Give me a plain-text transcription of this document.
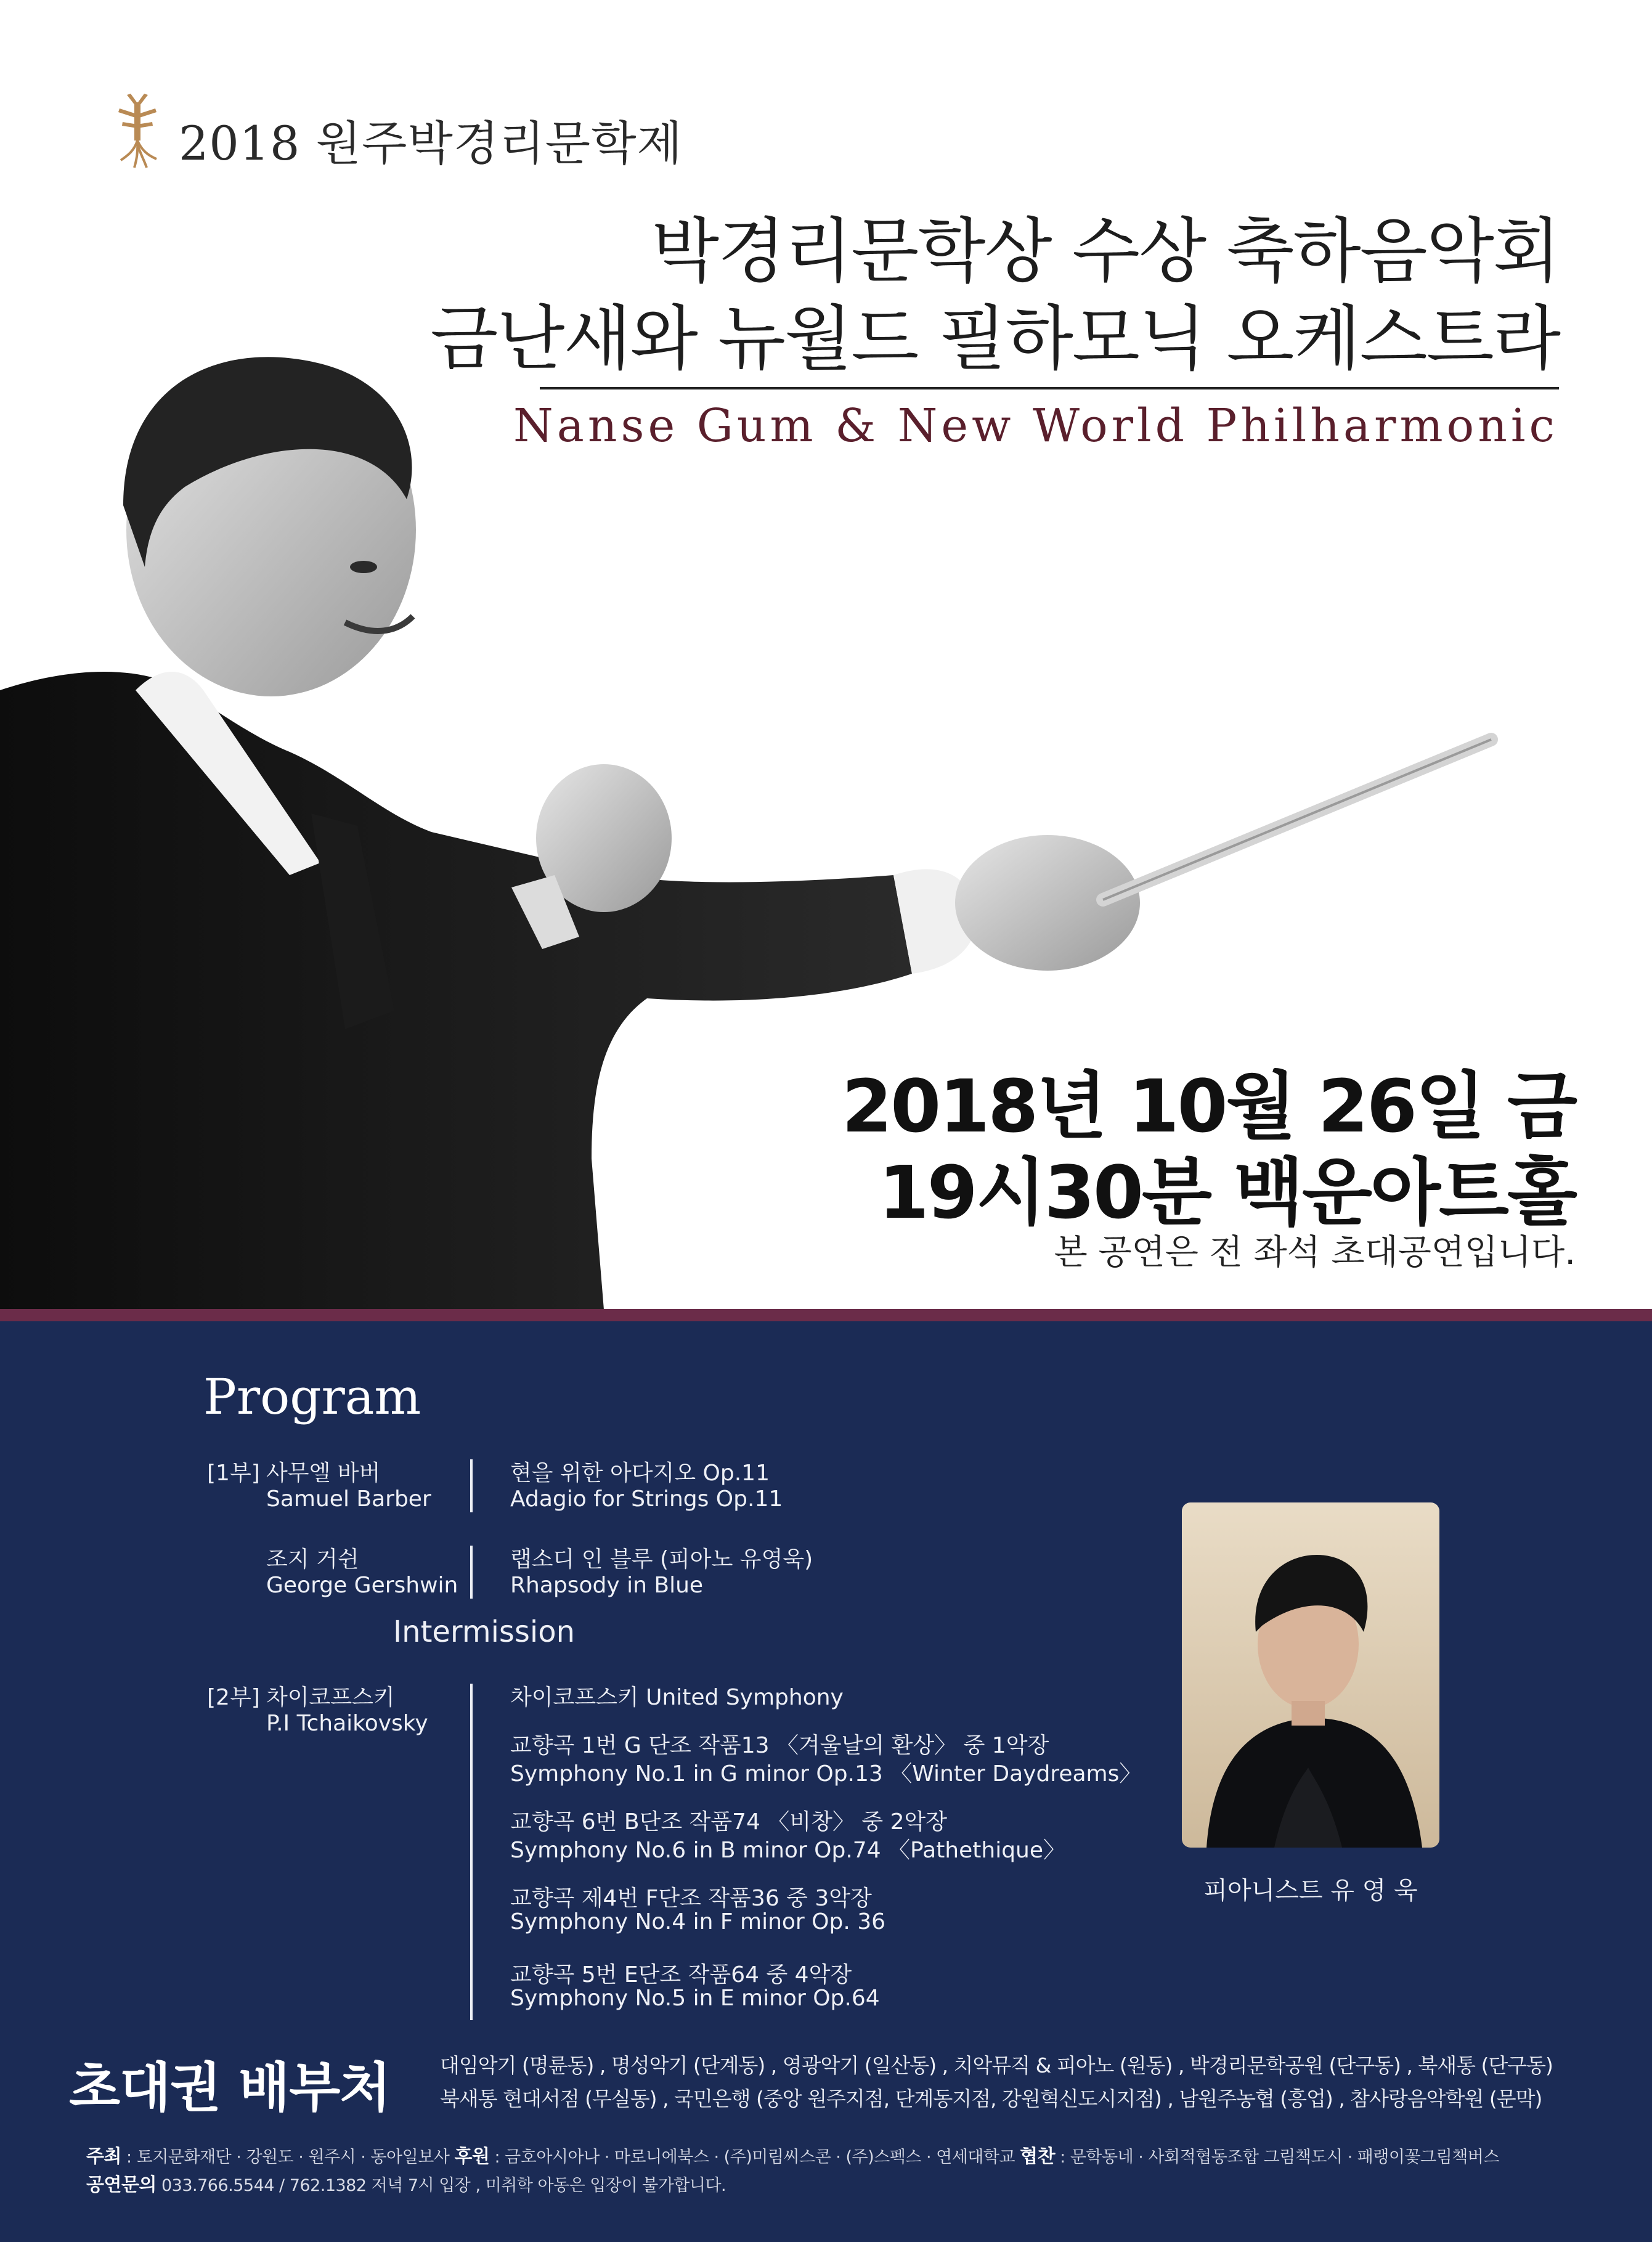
2018 원주박경리문학제
박경리문학상 수상 축하음악회
금난새와 뉴월드 필하모닉 오케스트라
Nanse Gum & New World Philharmonic
2018년 10월 26일 금
19시30분 백운아트홀
본 공연은 전 좌석 초대공연입니다.
Program
[1부] 사무엘 바버
Samuel Barber
현을 위한 아다지오 Op.11
Adagio for Strings Op.11
조지 거쉰
George Gershwin
랩소디 인 블루 (피아노 유영욱)
Rhapsody in Blue
Intermission
[2부] 차이코프스키
P.I Tchaikovsky
차이코프스키 United Symphony
교향곡 1번 G 단조 작품13 〈겨울날의 환상〉 중 1악장
Symphony No.1 in G minor Op.13 〈Winter Daydreams〉
교향곡 6번 B단조 작품74 〈비창〉 중 2악장
Symphony No.6 in B minor Op.74 〈Pathethique〉
교향곡 제4번 F단조 작품36 중 3악장
Symphony No.4 in F minor Op. 36
교향곡 5번 E단조 작품64 중 4악장
Symphony No.5 in E minor Op.64
피아니스트 유 영 욱
초대권 배부처 대임악기 (명륜동) , 명성악기 (단계동) , 영광악기 (일산동) , 치악뮤직 & 피아노 (원동) , 박경리문학공원 (단구동) , 북새통 (단구동)
북새통 현대서점 (무실동) , 국민은행 (중앙 원주지점, 단계동지점, 강원혁신도시지점) , 남원주농협 (흥업) , 참사랑음악학원 (문막)
주최 : 토지문화재단 · 강원도 · 원주시 · 동아일보사 후원 : 금호아시아나 · 마로니에북스 · (주)미림씨스콘 · (주)스펙스 · 연세대학교 협찬 : 문학동네 · 사회적협동조합 그림책도시 · 패랭이꽃그림책버스
공연문의 033.766.5544 / 762.1382 저녁 7시 입장 , 미취학 아동은 입장이 불가합니다.
